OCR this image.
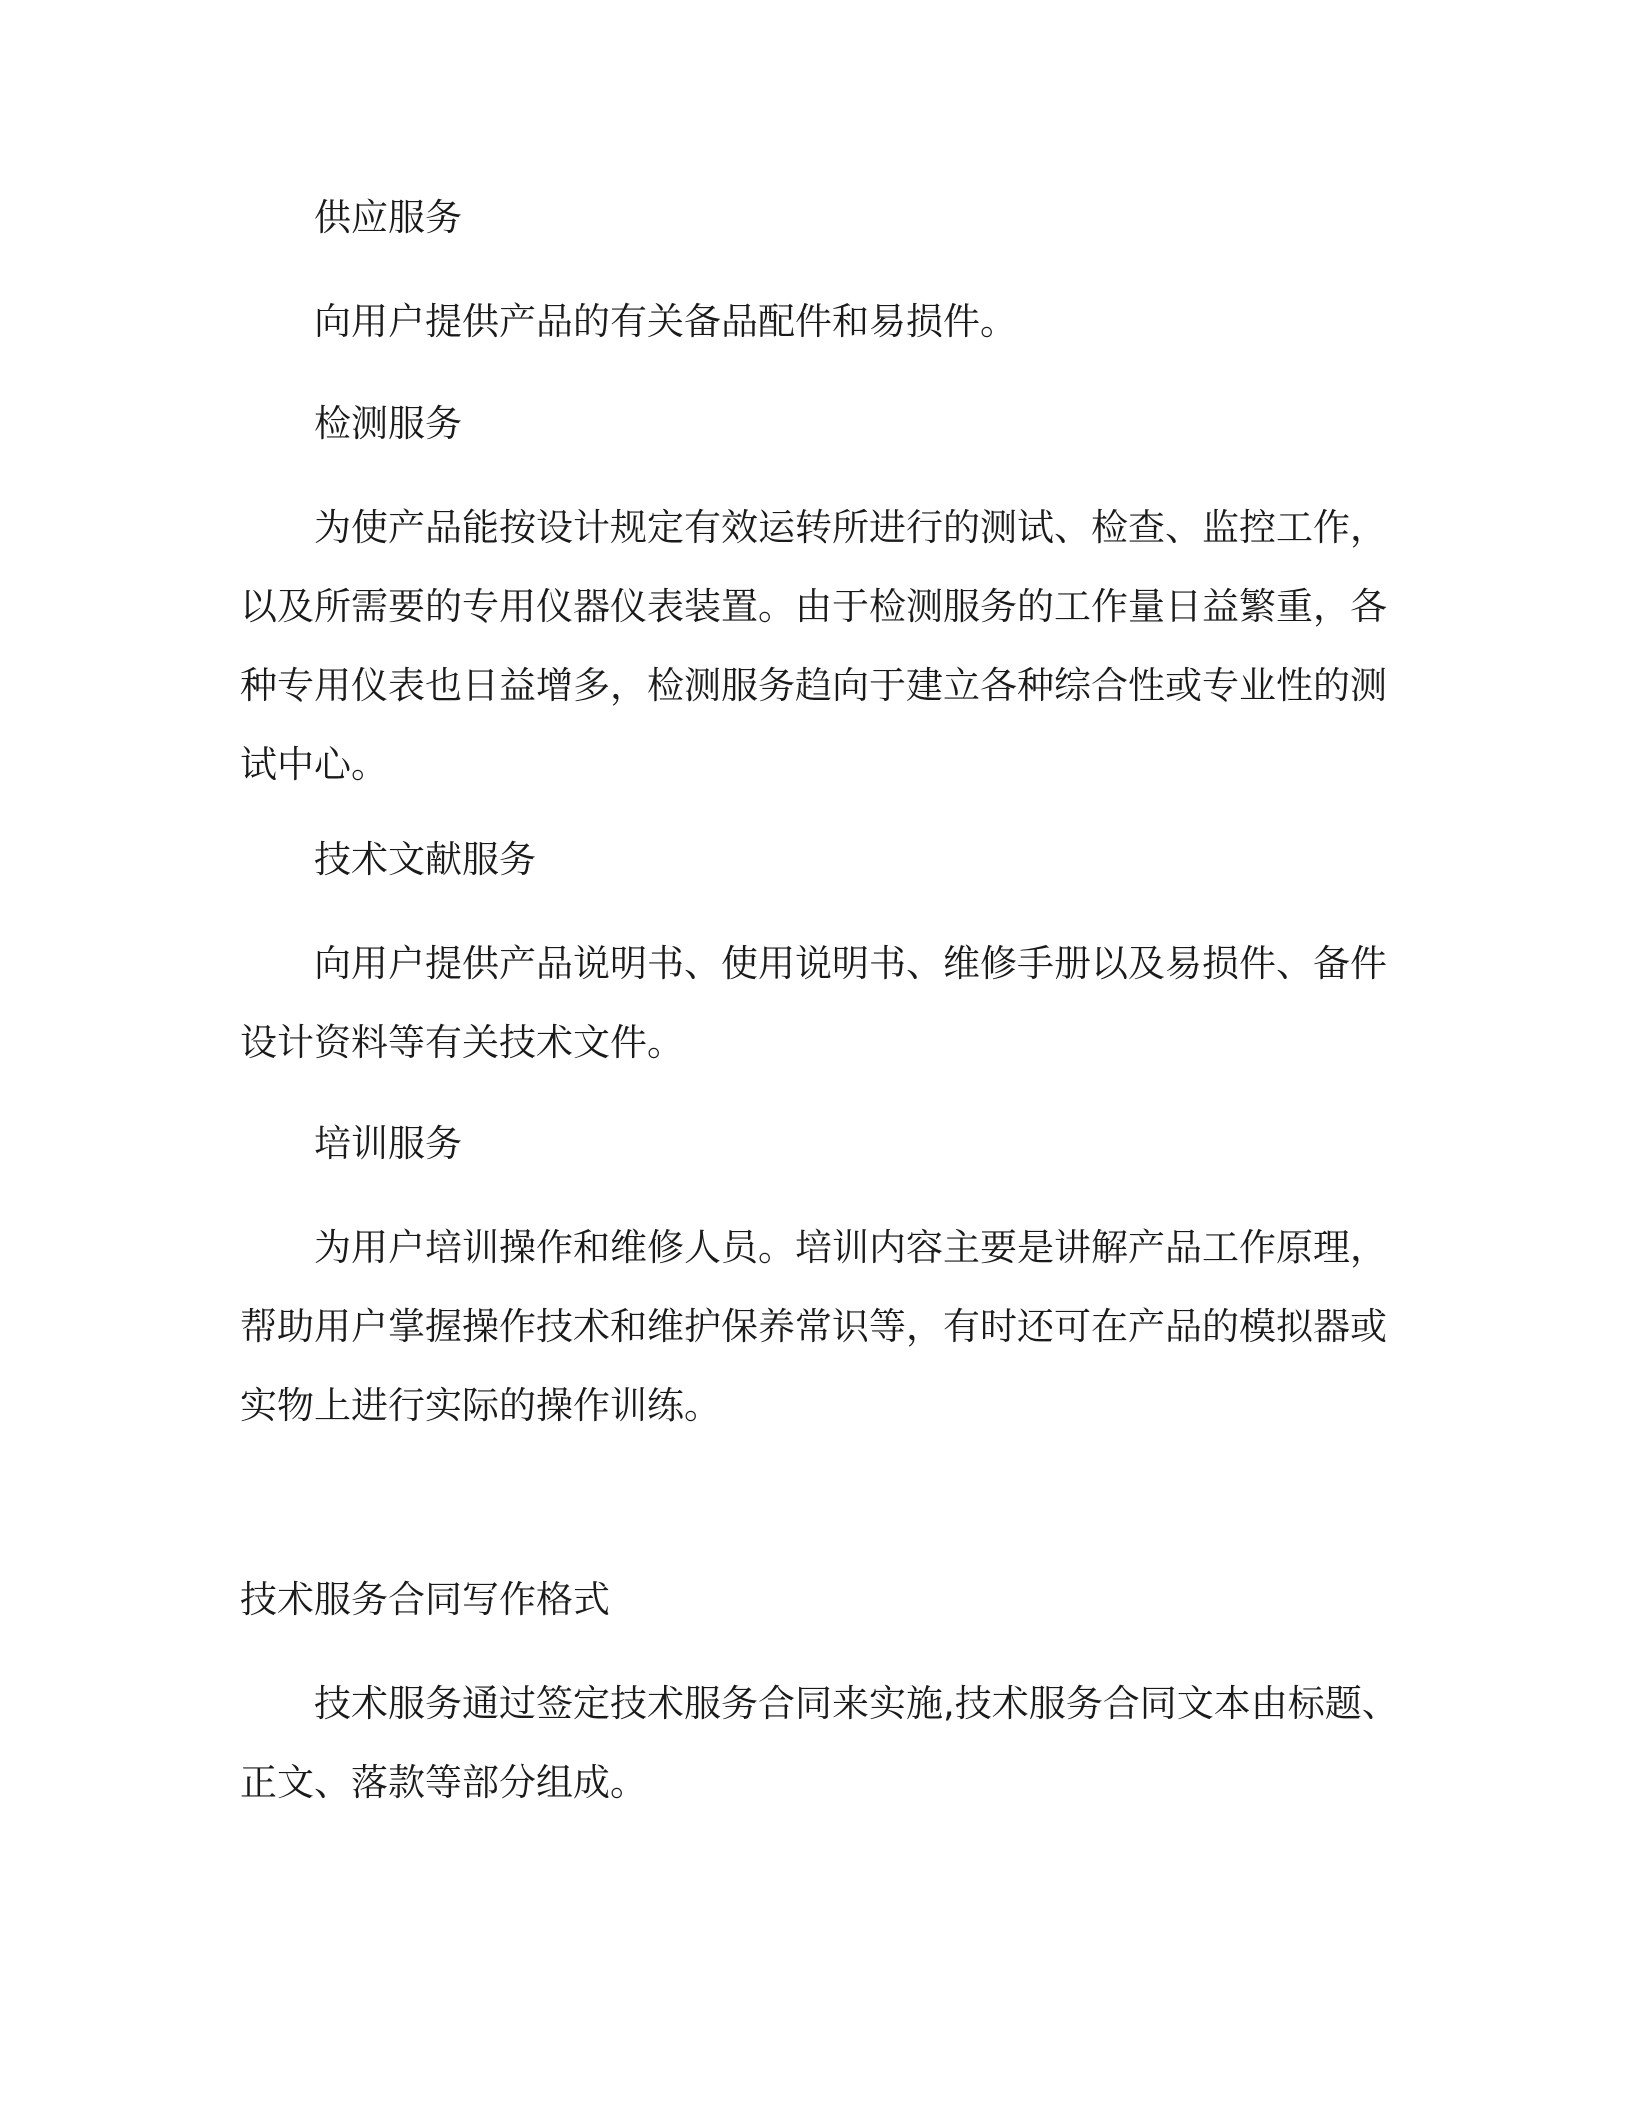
供应服务

向用户提供产品的有关备品配件和易损件。

检测服务

为使产品能按设计规定有效运转所进行的测试、检查、监控工作，以及所需要的专用仪器仪表装置。由于检测服务的工作量日益繁重，各种专用仪表也日益增多，检测服务趋向于建立各种综合性或专业性的测试中心。

技术文献服务

向用户提供产品说明书、使用说明书、维修手册以及易损件、备件设计资料等有关技术文件。

培训服务

为用户培训操作和维修人员。培训内容主要是讲解产品工作原理，帮助用户掌握操作技术和维护保养常识等，有时还可在产品的模拟器或实物上进行实际的操作训练。

技术服务合同写作格式

技术服务通过签定技术服务合同来实施,技术服务合同文本由标题、正文、落款等部分组成。
